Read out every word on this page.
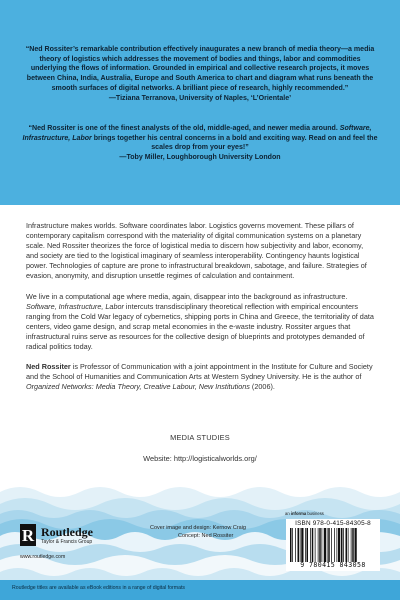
“Ned Rossiter’s remarkable contribution effectively inaugurates a new branch of media theory—a media theory of logistics which addresses the movement of bodies and things, labor and commodities underlying the flows of information. Grounded in empirical and collective research projects, it moves between China, India, Australia, Europe and South America to chart and diagram what runs beneath the smooth surfaces of digital networks. A brilliant piece of research, highly recommended.”
—Tiziana Terranova, University of Naples, ‘L’Orientale’
“Ned Rossiter is one of the finest analysts of the old, middle-aged, and newer media around. Software, Infrastructure, Labor brings together his central concerns in a bold and exciting way. Read on and feel the scales drop from your eyes!”
—Toby Miller, Loughborough University London

Infrastructure makes worlds. Software coordinates labor. Logistics governs movement. These pillars of contemporary capitalism correspond with the materiality of digital communication systems on a planetary scale. Ned Rossiter theorizes the force of logistical media to discern how subjectivity and labor, economy, and society are tied to the logistical imaginary of seamless interoperability. Contingency haunts logistical power. Technologies of capture are prone to infrastructural breakdown, sabotage, and failure. Strategies of evasion, anonymity, and disruption unsettle regimes of calculation and containment.

We live in a computational age where media, again, disappear into the background as infrastructure. Software, Infrastructure, Labor intercuts transdisciplinary theoretical reflection with empirical encounters ranging from the Cold War legacy of cybernetics, shipping ports in China and Greece, the territoriality of data centers, video game design, and scrap metal economies in the e-waste industry. Rossiter argues that infrastructural ruins serve as resources for the collective design of blueprints and prototypes demanded of radical politics today.

Ned Rossiter is Professor of Communication with a joint appointment in the Institute for Culture and Society and the School of Humanities and Communication Arts at Western Sydney University. He is the author of Organized Networks: Media Theory, Creative Labour, New Institutions (2006).

MEDIA STUDIES
Website: http://logisticalworlds.org/
R Routledge
Taylor & Francis Group
www.routledge.com
Cover image and design: Kernow Craig
Concept: Ned Rossiter
an informa business
ISBN 978-0-415-84305-8
9 780415 843058
Routledge titles are available as eBook editions in a range of digital formats
